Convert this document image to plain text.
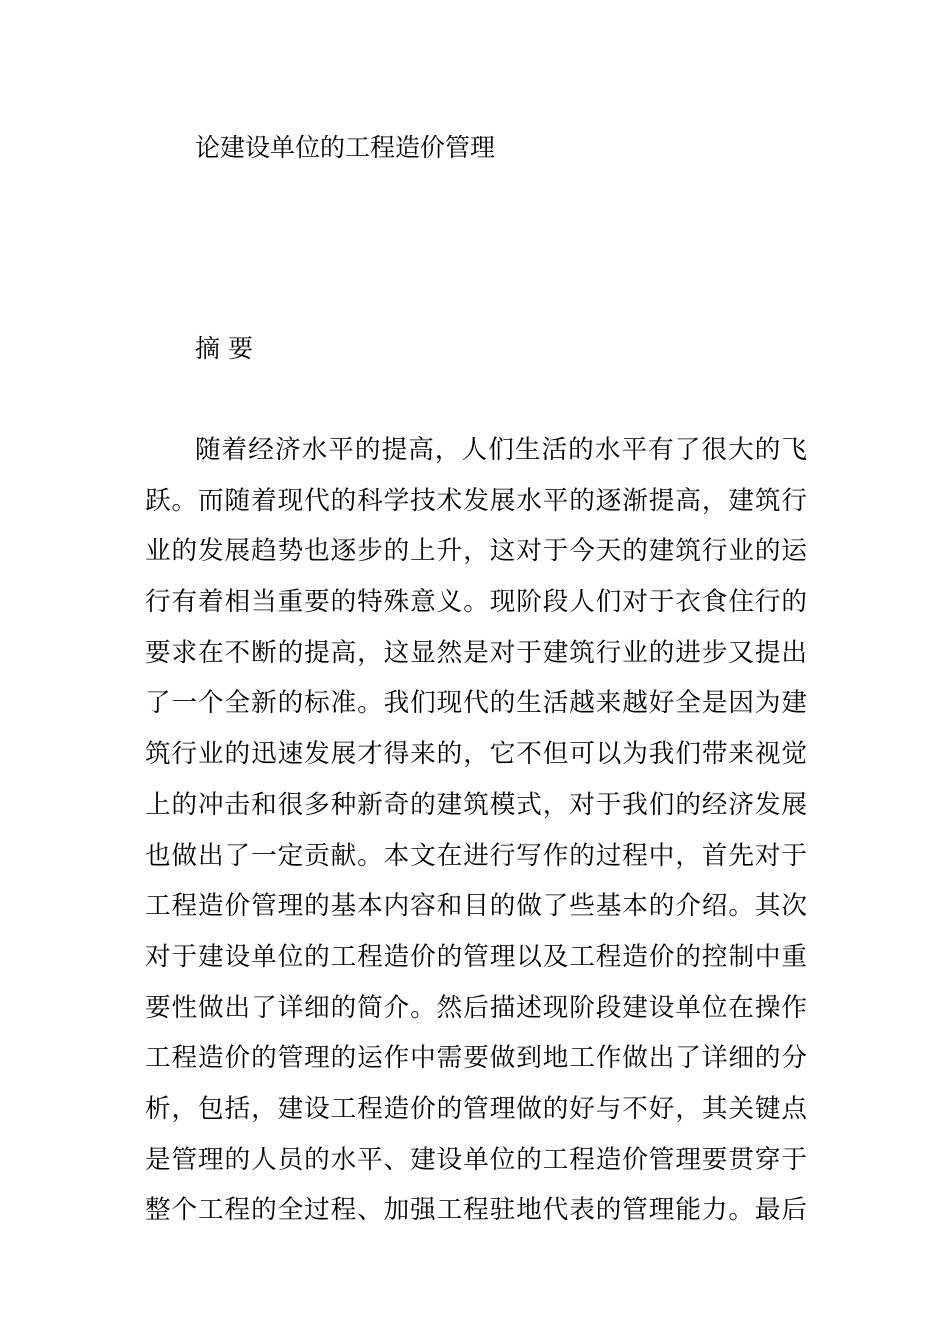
论建设单位的工程造价管理
摘 要
随着经济水平的提高，人们生活的水平有了很大的飞
跃。而随着现代的科学技术发展水平的逐渐提高，建筑行
业的发展趋势也逐步的上升，这对于今天的建筑行业的运
行有着相当重要的特殊意义。现阶段人们对于衣食住行的
要求在不断的提高，这显然是对于建筑行业的进步又提出
了一个全新的标准。我们现代的生活越来越好全是因为建
筑行业的迅速发展才得来的，它不但可以为我们带来视觉
上的冲击和很多种新奇的建筑模式，对于我们的经济发展
也做出了一定贡献。本文在进行写作的过程中，首先对于
工程造价管理的基本内容和目的做了些基本的介绍。其次
对于建设单位的工程造价的管理以及工程造价的控制中重
要性做出了详细的简介。然后描述现阶段建设单位在操作
工程造价的管理的运作中需要做到地工作做出了详细的分
析，包括，建设工程造价的管理做的好与不好，其关键点
是管理的人员的水平、建设单位的工程造价管理要贯穿于
整个工程的全过程、加强工程驻地代表的管理能力。最后
